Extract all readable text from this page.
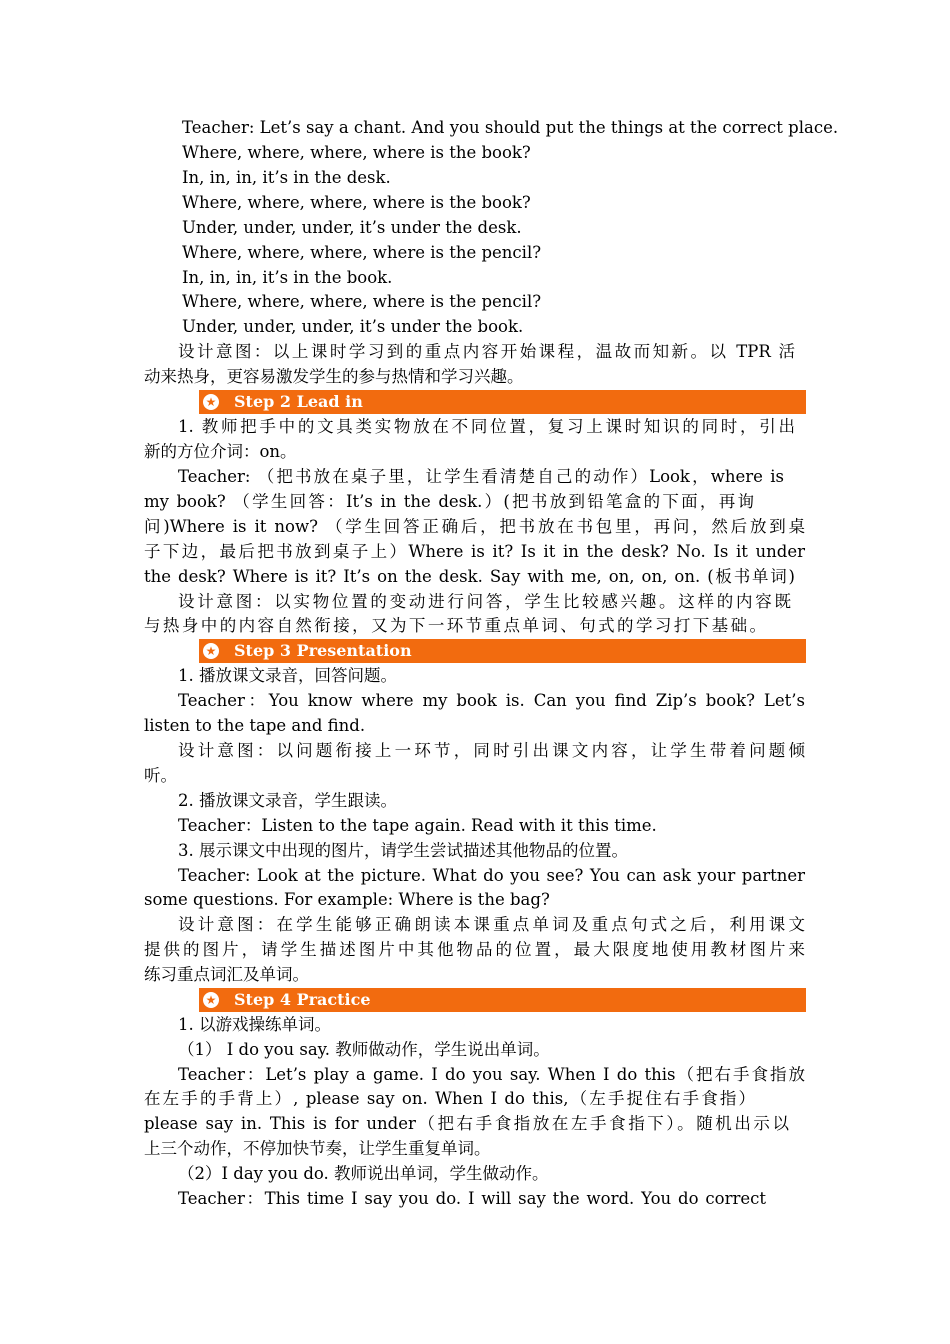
Teacher: Let’s say a chant. And you should put the things at the correct place.
Where, where, where, where is the book?
In, in, in, it’s in the desk.
Where, where, where, where is the book?
Under, under, under, it’s under the desk.
Where, where, where, where is the pencil?
In, in, in, it’s in the book.
Where, where, where, where is the pencil?
Under, under, under, it’s under the book.
设计意图：以上课时学习到的重点内容开始课程，温故而知新。以 TPR 活
动来热身，更容易激发学生的参与热情和学习兴趣。
★
Step 2 Lead in
1. 教师把手中的文具类实物放在不同位置，复习上课时知识的同时，引出
新的方位介词：on。
Teacher: （把书放在桌子里，让学生看清楚自己的动作）Look，where is
my book? （学生回答：It’s in the desk.）(把书放到铅笔盒的下面，再询
问)Where is it now? （学生回答正确后，把书放在书包里，再问，然后放到桌
子下边，最后把书放到桌子上）Where is it? Is it in the desk? No. Is it under
the desk? Where is it? It’s on the desk. Say with me, on, on, on. (板书单词)
设计意图：以实物位置的变动进行问答，学生比较感兴趣。这样的内容既
与热身中的内容自然衔接，又为下一环节重点单词、句式的学习打下基础。
★
Step 3 Presentation
1. 播放课文录音，回答问题。
Teacher：You know where my book is. Can you find Zip’s book? Let’s
listen to the tape and find.
设计意图：以问题衔接上一环节，同时引出课文内容，让学生带着问题倾
听。
2. 播放课文录音，学生跟读。
Teacher：Listen to the tape again. Read with it this time.
3. 展示课文中出现的图片，请学生尝试描述其他物品的位置。
Teacher: Look at the picture. What do you see? You can ask your partner
some questions. For example: Where is the bag?
设计意图：在学生能够正确朗读本课重点单词及重点句式之后，利用课文
提供的图片，请学生描述图片中其他物品的位置，最大限度地使用教材图片来
练习重点词汇及单词。
★
Step 4 Practice
1. 以游戏操练单词。
（1） I do you say. 教师做动作，学生说出单词。
Teacher：Let’s play a game. I do you say. When I do this（把右手食指放
在左手的手背上）, please say on. When I do this,（左手捉住右手食指）
please say in. This is for under（把右手食指放在左手食指下）。随机出示以
上三个动作，不停加快节奏，让学生重复单词。
（2）I day you do. 教师说出单词，学生做动作。
Teacher：This time I say you do. I will say the word. You do correct
